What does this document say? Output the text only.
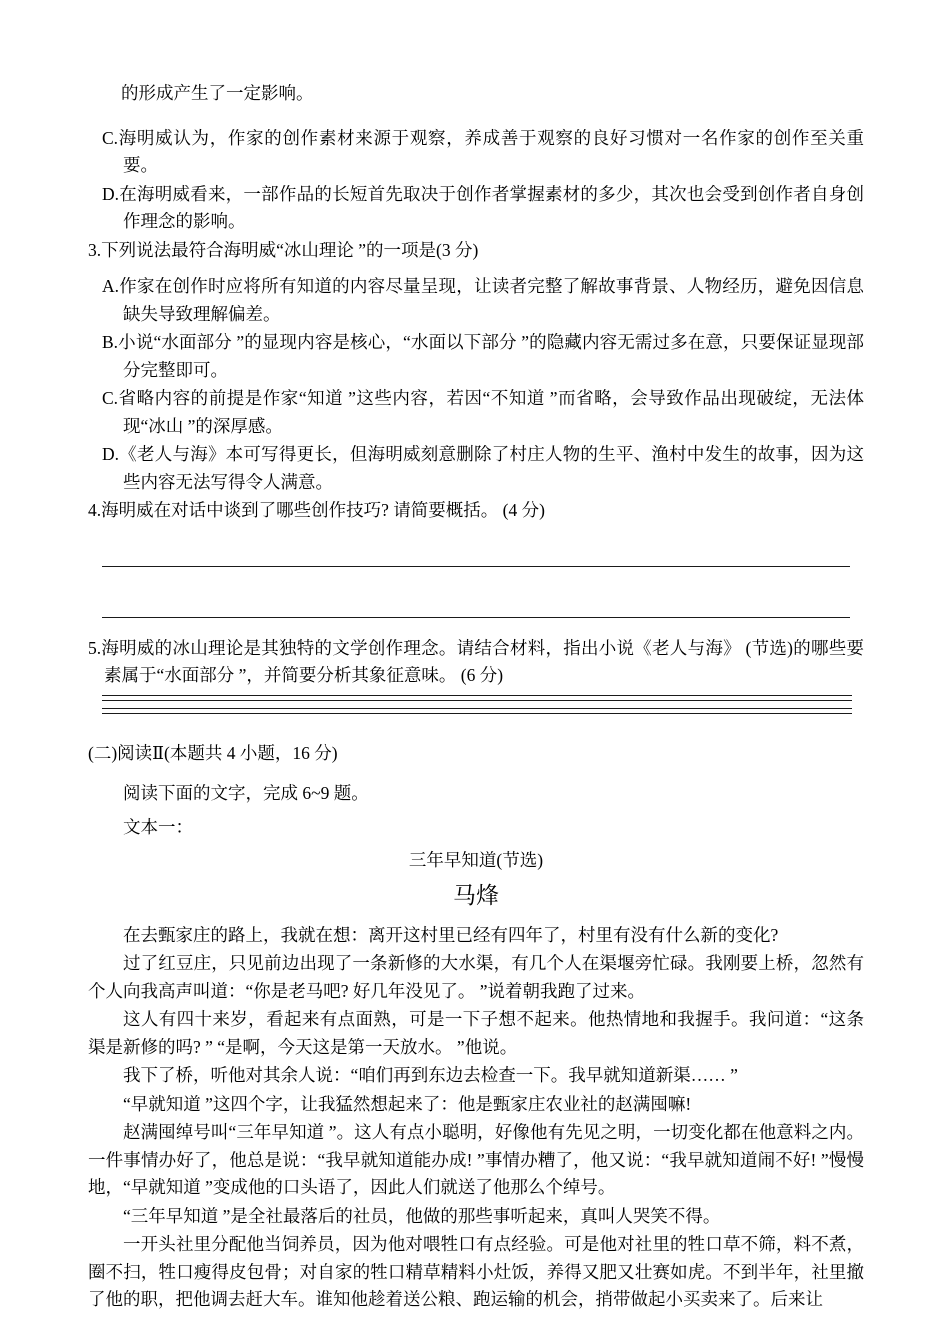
的形成产生了一定影响。
C.海明威认为，作家的创作素材来源于观察，养成善于观察的良好习惯对一名作家的创作至关重要。
D.在海明威看来，一部作品的长短首先取决于创作者掌握素材的多少，其次也会受到创作者自身创作理念的影响。
3.下列说法最符合海明威“冰山理论 ”的一项是(3 分)
A.作家在创作时应将所有知道的内容尽量呈现，让读者完整了解故事背景、人物经历，避免因信息缺失导致理解偏差。
B.小说“水面部分 ”的显现内容是核心，“水面以下部分 ”的隐藏内容无需过多在意，只要保证显现部分完整即可。
C.省略内容的前提是作家“知道 ”这些内容，若因“不知道 ”而省略，会导致作品出现破绽，无法体现“冰山 ”的深厚感。
D.《老人与海》本可写得更长，但海明威刻意删除了村庄人物的生平、渔村中发生的故事，因为这些内容无法写得令人满意。
4.海明威在对话中谈到了哪些创作技巧? 请简要概括。 (4 分)
5.海明威的冰山理论是其独特的文学创作理念。请结合材料，指出小说《老人与海》 (节选)的哪些要素属于“水面部分 ”，并简要分析其象征意味。 (6 分)
(二)阅读Ⅱ(本题共 4 小题，16 分)
阅读下面的文字，完成 6~9 题。
文本一：
三年早知道(节选)
马烽
在去甄家庄的路上，我就在想：离开这村里已经有四年了，村里有没有什么新的变化?
过了红豆庄，只见前边出现了一条新修的大水渠，有几个人在渠堰旁忙碌。我刚要上桥，忽然有个人向我高声叫道：“你是老马吧? 好几年没见了。 ”说着朝我跑了过来。
这人有四十来岁，看起来有点面熟，可是一下子想不起来。他热情地和我握手。我问道：“这条渠是新修的吗? ” “是啊，今天这是第一天放水。 ”他说。
我下了桥，听他对其余人说：“咱们再到东边去检查一下。我早就知道新渠…… ”
“早就知道 ”这四个字，让我猛然想起来了：他是甄家庄农业社的赵满囤嘛!
赵满囤绰号叫“三年早知道 ”。这人有点小聪明，好像他有先见之明，一切变化都在他意料之内。一件事情办好了，他总是说：“我早就知道能办成! ”事情办糟了，他又说：“我早就知道闹不好! ”慢慢地，“早就知道 ”变成他的口头语了，因此人们就送了他那么个绰号。
“三年早知道 ”是全社最落后的社员，他做的那些事听起来，真叫人哭笑不得。
一开头社里分配他当饲养员，因为他对喂牲口有点经验。可是他对社里的牲口草不筛，料不煮，圈不扫，牲口瘦得皮包骨；对自家的牲口精草精料小灶饭，养得又肥又壮赛如虎。不到半年，社里撤了他的职，把他调去赶大车。谁知他趁着送公粮、跑运输的机会，捎带做起小买卖来了。后来让
